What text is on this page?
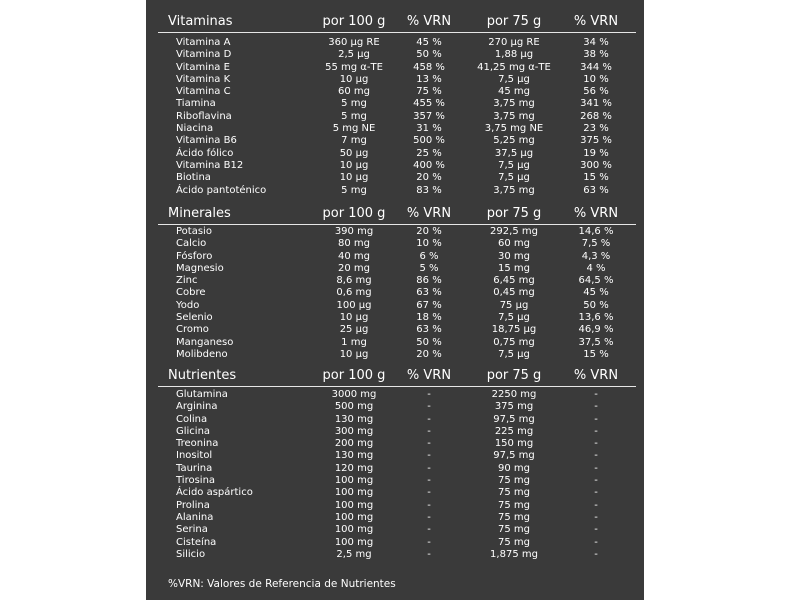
Vitaminas	por 100 g	% VRN	por 75 g	% VRN
Vitamina A	360 μg RE	45 %	270 μg RE	34 %
Vitamina D	2,5 μg	50 %	1,88 μg	38 %
Vitamina E	55 mg α-TE	458 %	41,25 mg α-TE	344 %
Vitamina K	10 μg	13 %	7,5 μg	10 %
Vitamina C	60 mg	75 %	45 mg	56 %
Tiamina	5 mg	455 %	3,75 mg	341 %
Riboflavina	5 mg	357 %	3,75 mg	268 %
Niacina	5 mg NE	31 %	3,75 mg NE	23 %
Vitamina B6	7 mg	500 %	5,25 mg	375 %
Ácido fólico	50 μg	25 %	37,5 μg	19 %
Vitamina B12	10 μg	400 %	7,5 μg	300 %
Biotina	10 μg	20 %	7,5 μg	15 %
Ácido pantoténico	5 mg	83 %	3,75 mg	63 %
Minerales	por 100 g	% VRN	por 75 g	% VRN
Potasio	390 mg	20 %	292,5 mg	14,6 %
Calcio	80 mg	10 %	60 mg	7,5 %
Fósforo	40 mg	6 %	30 mg	4,3 %
Magnesio	20 mg	5 %	15 mg	4 %
Zinc	8,6 mg	86 %	6,45 mg	64,5 %
Cobre	0,6 mg	63 %	0,45 mg	45 %
Yodo	100 μg	67 %	75 μg	50 %
Selenio	10 μg	18 %	7,5 μg	13,6 %
Cromo	25 μg	63 %	18,75 μg	46,9 %
Manganeso	1 mg	50 %	0,75 mg	37,5 %
Molibdeno	10 μg	20 %	7,5 μg	15 %
Nutrientes	por 100 g	% VRN	por 75 g	% VRN
Glutamina	3000 mg	-	2250 mg	-
Arginina	500 mg	-	375 mg	-
Colina	130 mg	-	97,5 mg	-
Glicina	300 mg	-	225 mg	-
Treonina	200 mg	-	150 mg	-
Inositol	130 mg	-	97,5 mg	-
Taurina	120 mg	-	90 mg	-
Tirosina	100 mg	-	75 mg	-
Ácido aspártico	100 mg	-	75 mg	-
Prolina	100 mg	-	75 mg	-
Alanina	100 mg	-	75 mg	-
Serina	100 mg	-	75 mg	-
Cisteína	100 mg	-	75 mg	-
Silicio	2,5 mg	-	1,875 mg	-
%VRN: Valores de Referencia de Nutrientes
